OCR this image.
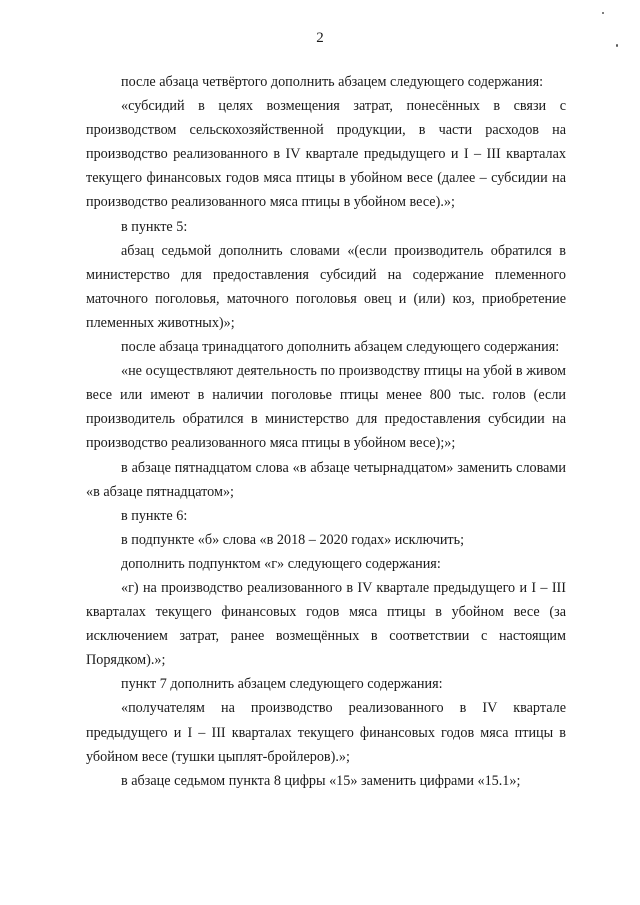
2

после абзаца четвёртого дополнить абзацем следующего содержания:

«субсидий в целях возмещения затрат, понесённых в связи с производством сельскохозяйственной продукции, в части расходов на производство реализованного в IV квартале предыдущего и I – III кварталах текущего финансовых годов мяса птицы в убойном весе (далее – субсидии на производство реализованного мяса птицы в убойном весе).»;

в пункте 5:

абзац седьмой дополнить словами «(если производитель обратился в министерство для предоставления субсидий на содержание племенного маточного поголовья, маточного поголовья овец и (или) коз, приобретение племенных животных)»;

после абзаца тринадцатого дополнить абзацем следующего содержания:

«не осуществляют деятельность по производству птицы на убой в живом весе или имеют в наличии поголовье птицы менее 800 тыс. голов (если производитель обратился в министерство для предоставления субсидии на производство реализованного мяса птицы в убойном весе);»;

в абзаце пятнадцатом слова «в абзаце четырнадцатом» заменить словами «в абзаце пятнадцатом»;

в пункте 6:

в подпункте «б» слова «в 2018 – 2020 годах» исключить;

дополнить подпунктом «г» следующего содержания:

«г) на производство реализованного в IV квартале предыдущего и I – III кварталах текущего финансовых годов мяса птицы в убойном весе (за исключением затрат, ранее возмещённых в соответствии с настоящим Порядком).»;

пункт 7 дополнить абзацем следующего содержания:

«получателям на производство реализованного в IV квартале предыдущего и I – III кварталах текущего финансовых годов мяса птицы в убойном весе (тушки цыплят-бройлеров).»;

в абзаце седьмом пункта 8 цифры «15» заменить цифрами «15.1»;
